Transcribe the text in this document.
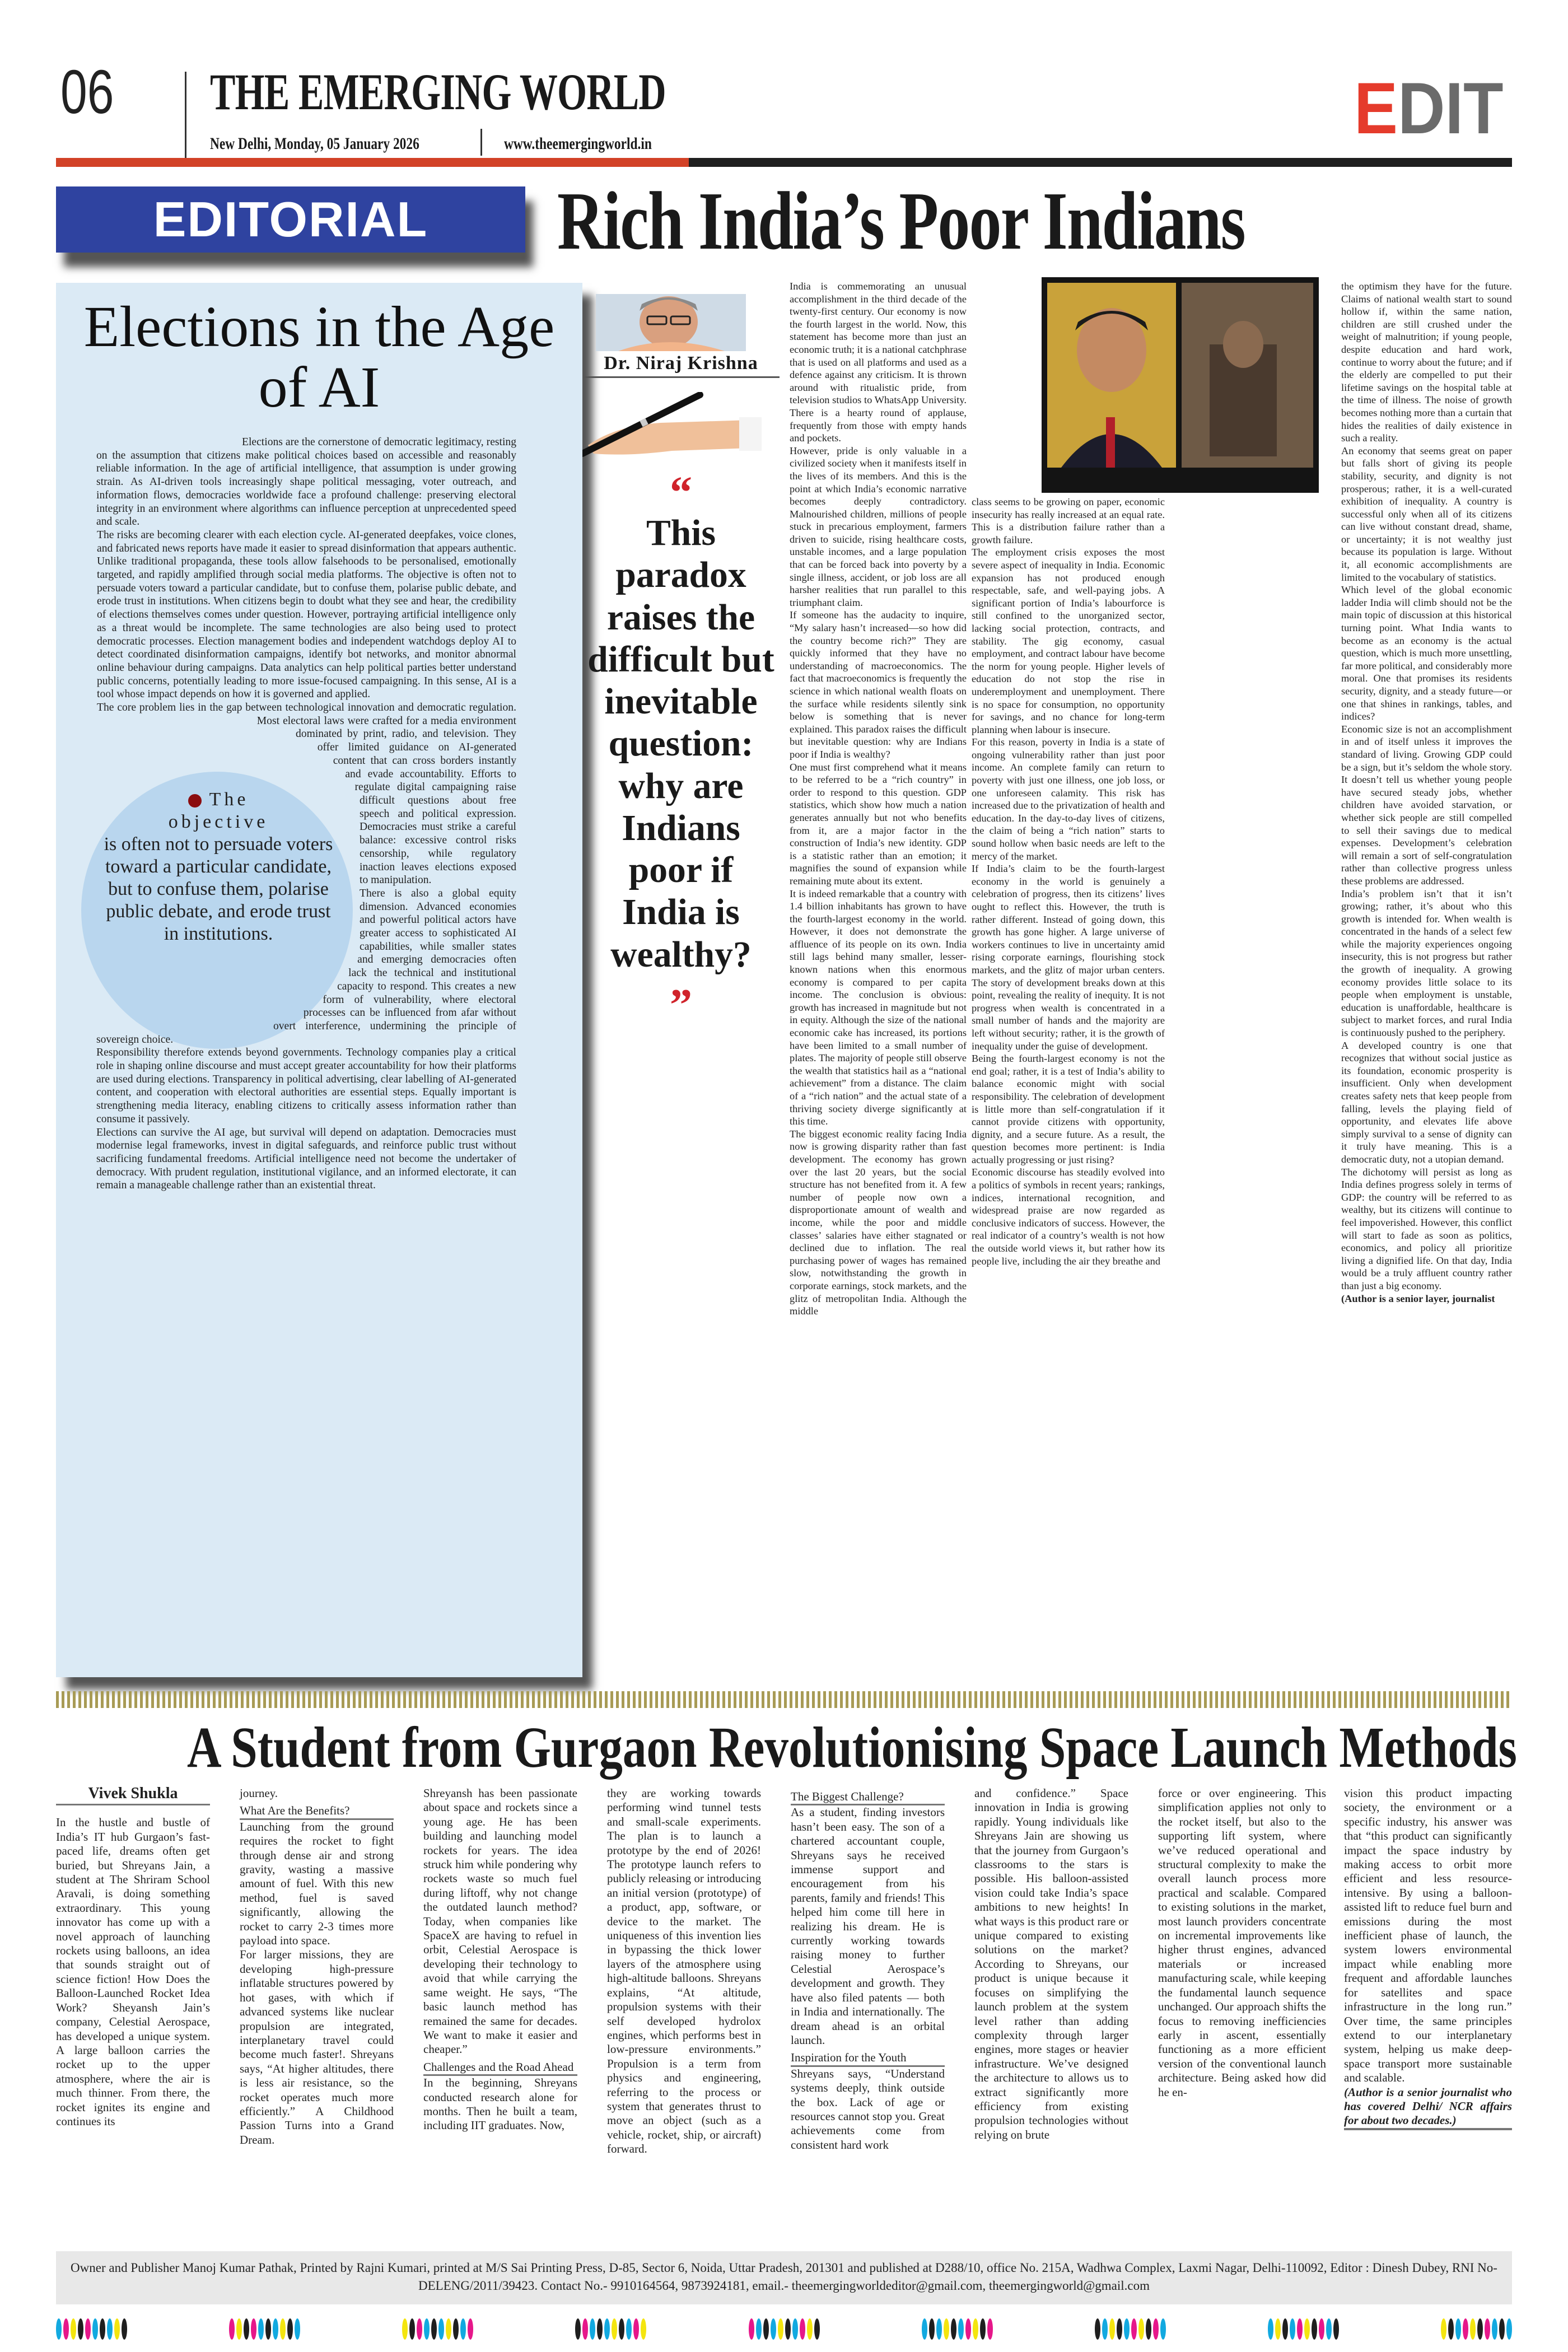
06 THE EMERGING WORLD
New Delhi, Monday, 05 January 2026	www.theemergingworld.in	EDIT
EDITORIAL	Rich India’s Poor Indians
Elections in the Age of AI

Elections are the cornerstone of democratic legitimacy, resting on the assumption that citizens make political choices based on accessible and reasonably reliable information. In the age of artificial intelligence, that assumption is under growing strain. As AI-driven tools increasingly shape political messaging, voter outreach, and information flows, democracies worldwide face a profound challenge: preserving electoral integrity in an environment where algorithms can influence perception at unprecedented speed and scale.

The risks are becoming clearer with each election cycle. AI-generated deepfakes, voice clones, and fabricated news reports have made it easier to spread disinformation that appears authentic. Unlike traditional propaganda, these tools allow falsehoods to be personalised, emotionally targeted, and rapidly amplified through social media platforms. The objective is often not to persuade voters toward a particular candidate, but to confuse them, polarise public debate, and erode trust in institutions. When citizens begin to doubt what they see and hear, the credibility of elections themselves comes under question. However, portraying artificial intelligence only as a threat would be incomplete. The same technologies are also being used to protect democratic processes. Election management bodies and independent watchdogs deploy AI to detect coordinated disinformation campaigns, identify bot networks, and monitor abnormal online behaviour during campaigns. Data analytics can help political parties better understand public concerns, potentially leading to more issue-focused campaigning. In this sense, AI is a tool whose impact depends on how it is governed and applied.

The core problem lies in the gap between technological innovation and democratic regulation. Most electoral laws were crafted for a media environment dominated by print, radio, and television. They offer limited guidance on AI-generated content that can cross borders instantly and evade accountability. Efforts to regulate digital campaigning raise difficult questions about free speech and political expression. Democracies must strike a careful balance: excessive control risks censorship, while regulatory inaction leaves elections exposed to manipulation.

There is also a global equity dimension. Advanced economies and powerful political actors have greater access to sophisticated AI capabilities, while smaller states and emerging democracies often lack the technical and institutional capacity to respond. This creates a new form of vulnerability, where electoral processes can be influenced from afar without overt interference, undermining the principle of sovereign choice.

Responsibility therefore extends beyond governments. Technology companies play a critical role in shaping online discourse and must accept greater accountability for how their platforms are used during elections. Transparency in political advertising, clear labelling of AI-generated content, and cooperation with electoral authorities are essential steps. Equally important is strengthening media literacy, enabling citizens to critically assess information rather than consume it passively.

Elections can survive the AI age, but survival will depend on adaptation. Democracies must modernise legal frameworks, invest in digital safeguards, and reinforce public trust without sacrificing fundamental freedoms. Artificial intelligence need not become the undertaker of democracy. With prudent regulation, institutional vigilance, and an informed electorate, it can remain a manageable challenge rather than an existential threat.

The
objective
is often not to persuade voters toward a particular candidate, but to confuse them, polarise public debate, and erode trust in institutions.
Dr. Niraj Krishna
“
This paradox raises the difficult but inevitable question: why are Indians poor if India is wealthy?
”

India is commemorating an unusual accomplishment in the third decade of the twenty-first century. Our economy is now the fourth largest in the world. Now, this statement has become more than just an economic truth; it is a national catchphrase that is used on all platforms and used as a defence against any criticism. It is thrown around with ritualistic pride, from television studios to WhatsApp University. There is a hearty round of applause, frequently from those with empty hands and pockets.

However, pride is only valuable in a civilized society when it manifests itself in the lives of its members. And this is the point at which India’s economic narrative becomes deeply contradictory. Malnourished children, millions of people stuck in precarious employment, farmers driven to suicide, rising healthcare costs, unstable incomes, and a large population that can be forced back into poverty by a single illness, accident, or job loss are all harsher realities that run parallel to this triumphant claim.

If someone has the audacity to inquire, “My salary hasn’t increased—so how did the country become rich?” They are quickly informed that they have no understanding of macroeconomics. The fact that macroeconomics is frequently the science in which national wealth floats on the surface while residents silently sink below is something that is never explained. This paradox raises the difficult but inevitable question: why are Indians poor if India is wealthy?

One must first comprehend what it means to be referred to be a “rich country” in order to respond to this question. GDP statistics, which show how much a nation generates annually but not who benefits from it, are a major factor in the construction of India’s new identity. GDP is a statistic rather than an emotion; it magnifies the sound of expansion while remaining mute about its extent.

It is indeed remarkable that a country with 1.4 billion inhabitants has grown to have the fourth-largest economy in the world. However, it does not demonstrate the affluence of its people on its own. India still lags behind many smaller, lesser-known nations when this enormous economy is compared to per capita income. The conclusion is obvious: growth has increased in magnitude but not in equity. Although the size of the national economic cake has increased, its portions have been limited to a small number of plates. The majority of people still observe the wealth that statistics hail as a “national achievement” from a distance. The claim of a “rich nation” and the actual state of a thriving society diverge significantly at this time.

The biggest economic reality facing India now is growing disparity rather than fast development. The economy has grown over the last 20 years, but the social structure has not benefited from it. A few number of people now own a disproportionate amount of wealth and income, while the poor and middle classes’ salaries have either stagnated or declined due to inflation. The real purchasing power of wages has remained slow, notwithstanding the growth in corporate earnings, stock markets, and the glitz of metropolitan India. Although the middle

class seems to be growing on paper, economic insecurity has really increased at an equal rate. This is a distribution failure rather than a growth failure.

The employment crisis exposes the most severe aspect of inequality in India. Economic expansion has not produced enough respectable, safe, and well-paying jobs. A significant portion of India’s labourforce is still confined to the unorganized sector, lacking social protection, contracts, and stability. The gig economy, casual employment, and contract labour have become the norm for young people. Higher levels of education do not stop the rise in underemployment and unemployment. There is no space for consumption, no opportunity for savings, and no chance for long-term planning when labour is insecure.

For this reason, poverty in India is a state of ongoing vulnerability rather than just poor income. An complete family can return to poverty with just one illness, one job loss, or one unforeseen calamity. This risk has increased due to the privatization of health and education. In the day-to-day lives of citizens, the claim of being a “rich nation” starts to sound hollow when basic needs are left to the mercy of the market.

If India’s claim to be the fourth-largest economy in the world is genuinely a celebration of progress, then its citizens’ lives ought to reflect this. However, the truth is rather different. Instead of going down, this growth has gone higher. A large universe of workers continues to live in uncertainty amid rising corporate earnings, flourishing stock markets, and the glitz of major urban centers. The story of development breaks down at this point, revealing the reality of inequity. It is not progress when wealth is concentrated in a small number of hands and the majority are left without security; rather, it is the growth of inequality under the guise of development.

Being the fourth-largest economy is not the end goal; rather, it is a test of India’s ability to balance economic might with social responsibility. The celebration of development is little more than self-congratulation if it cannot provide citizens with opportunity, dignity, and a secure future. As a result, the question becomes more pertinent: is India actually progressing or just rising?

Economic discourse has steadily evolved into a politics of symbols in recent years; rankings, indices, international recognition, and widespread praise are now regarded as conclusive indicators of success. However, the real indicator of a country’s wealth is not how the outside world views it, but rather how its people live, including the air they breathe and

the optimism they have for the future. Claims of national wealth start to sound hollow if, within the same nation, children are still crushed under the weight of malnutrition; if young people, despite education and hard work, continue to worry about the future; and if the elderly are compelled to put their lifetime savings on the hospital table at the time of illness. The noise of growth becomes nothing more than a curtain that hides the realities of daily existence in such a reality.

An economy that seems great on paper but falls short of giving its people stability, security, and dignity is not prosperous; rather, it is a well-curated exhibition of inequality. A country is successful only when all of its citizens can live without constant dread, shame, or uncertainty; it is not wealthy just because its population is large. Without it, all economic accomplishments are limited to the vocabulary of statistics.

Which level of the global economic ladder India will climb should not be the main topic of discussion at this historical turning point. What India wants to become as an economy is the actual question, which is much more unsettling, far more political, and considerably more moral. One that promises its residents security, dignity, and a steady future—or one that shines in rankings, tables, and indices?

Economic size is not an accomplishment in and of itself unless it improves the standard of living. Growing GDP could be a sign, but it’s seldom the whole story. It doesn’t tell us whether young people have secured steady jobs, whether children have avoided starvation, or whether sick people are still compelled to sell their savings due to medical expenses. Development’s celebration will remain a sort of self-congratulation rather than collective progress unless these problems are addressed.

India’s problem isn’t that it isn’t growing; rather, it’s about who this growth is intended for. When wealth is concentrated in the hands of a select few while the majority experiences ongoing insecurity, this is not progress but rather the growth of inequality. A growing economy provides little solace to its people when employment is unstable, education is unaffordable, healthcare is subject to market forces, and rural India is continuously pushed to the periphery.

A developed country is one that recognizes that without social justice as its foundation, economic prosperity is insufficient. Only when development creates safety nets that keep people from falling, levels the playing field of opportunity, and elevates life above simply survival to a sense of dignity can it truly have meaning. This is a democratic duty, not a utopian demand.

The dichotomy will persist as long as India defines progress solely in terms of GDP: the country will be referred to as wealthy, but its citizens will continue to feel impoverished. However, this conflict will start to fade as soon as politics, economics, and policy all prioritize living a dignified life. On that day, India would be a truly affluent country rather than just a big economy.

(Author is a senior layer, journalist

A Student from Gurgaon Revolutionising Space Launch Methods
Vivek Shukla

In the hustle and bustle of India’s IT hub Gurgaon’s fast-paced life, dreams often get buried, but Shreyans Jain, a student at The Shriram School Aravali, is doing something extraordinary. This young innovator has come up with a novel approach of launching rockets using balloons, an idea that sounds straight out of science fiction! How Does the Balloon-Launched Rocket Idea Work? Sheyansh Jain’s company, Celestial Aerospace, has developed a unique system. A large balloon carries the rocket up to the upper atmosphere, where the air is much thinner. From there, the rocket ignites its engine and continues its

journey.

What Are the Benefits?

Launching from the ground requires the rocket to fight through dense air and strong gravity, wasting a massive amount of fuel. With this new method, fuel is saved significantly, allowing the rocket to carry 2-3 times more payload into space.

For larger missions, they are developing high-pressure inflatable structures powered by hot gases, with which if advanced systems like nuclear propulsion are integrated, interplanetary travel could become much faster!. Shreyans says, “At higher altitudes, there is less air resistance, so the rocket operates much more efficiently.” A Childhood Passion Turns into a Grand Dream.

Shreyansh has been passionate about space and rockets since a young age. He has been building and launching model rockets for years. The idea struck him while pondering why rockets waste so much fuel during liftoff, why not change the outdated launch method? Today, when companies like SpaceX are having to refuel in orbit, Celestial Aerospace is developing their technology to avoid that while carrying the same weight. He says, “The basic launch method has remained the same for decades. We want to make it easier and cheaper.”

Challenges and the Road Ahead

In the beginning, Shreyans conducted research alone for months. Then he built a team, including IIT graduates. Now,

they are working towards performing wind tunnel tests and small-scale experiments. The plan is to launch a prototype by the end of 2026! The prototype launch refers to publicly releasing or introducing an initial version (prototype) of a product, app, software, or device to the market. The uniqueness of this invention lies in bypassing the thick lower layers of the atmosphere using high-altitude balloons. Shreyans explains, “At altitude, propulsion systems with their self developed hydrolox engines, which performs best in low-pressure environments.” Propulsion is a term from physics and engineering, referring to the process or system that generates thrust to move an object (such as a vehicle, rocket, ship, or aircraft) forward.

The Biggest Challenge?

As a student, finding investors hasn’t been easy. The son of a chartered accountant couple, Shreyans says he received immense support and encouragement from his parents, family and friends! This helped him come till here in realizing his dream. He is currently working towards raising money to further Celestial Aerospace’s development and growth. They have also filed patents — both in India and internationally. The dream ahead is an orbital launch.

Inspiration for the Youth

Shreyans says, “Understand systems deeply, think outside the box. Lack of age or resources cannot stop you. Great achievements come from consistent hard work

and confidence.” Space innovation in India is growing rapidly. Young individuals like Shreyans Jain are showing us that the journey from Gurgaon’s classrooms to the stars is possible. His balloon-assisted vision could take India’s space ambitions to new heights! In what ways is this product rare or unique compared to existing solutions on the market? According to Shreyans, our product is unique because it focuses on simplifying the launch problem at the system level rather than adding complexity through larger engines, more stages or heavier infrastructure. We’ve designed the architecture to allows us to extract significantly more efficiency from existing propulsion technologies without relying on brute

force or over engineering. This simplification applies not only to the rocket itself, but also to the supporting lift system, where we’ve reduced operational and structural complexity to make the overall launch process more practical and scalable. Compared to existing solutions in the market, most launch providers concentrate on incremental improvements like higher thrust engines, advanced materials or increased manufacturing scale, while keeping the fundamental launch sequence unchanged. Our approach shifts the focus to removing inefficiencies early in ascent, essentially functioning as a more efficient version of the conventional launch architecture. Being asked how did he en-

vision this product impacting society, the environment or a specific industry, his answer was that “this product can significantly impact the space industry by making access to orbit more efficient and less resource-intensive. By using a balloon-assisted lift to reduce fuel burn and emissions during the most inefficient phase of launch, the system lowers environmental impact while enabling more frequent and affordable launches for satellites and space infrastructure in the long run.” Over time, the same principles extend to our interplanetary system, helping us make deep-space transport more sustainable and scalable.

(Author is a senior journalist who has covered Delhi/ NCR affairs for about two decades.)

Owner and Publisher Manoj Kumar Pathak, Printed by Rajni Kumari, printed at M/S Sai Printing Press, D-85, Sector 6, Noida, Uttar Pradesh, 201301 and published at D288/10, office No. 215A, Wadhwa Complex, Laxmi Nagar, Delhi-110092, Editor : Dinesh Dubey, RNI No- DELENG/2011/39423. Contact No.- 9910164564, 9873924181, email.- theemergingworldeditor@gmail.com, theemergingworld@gmail.com
